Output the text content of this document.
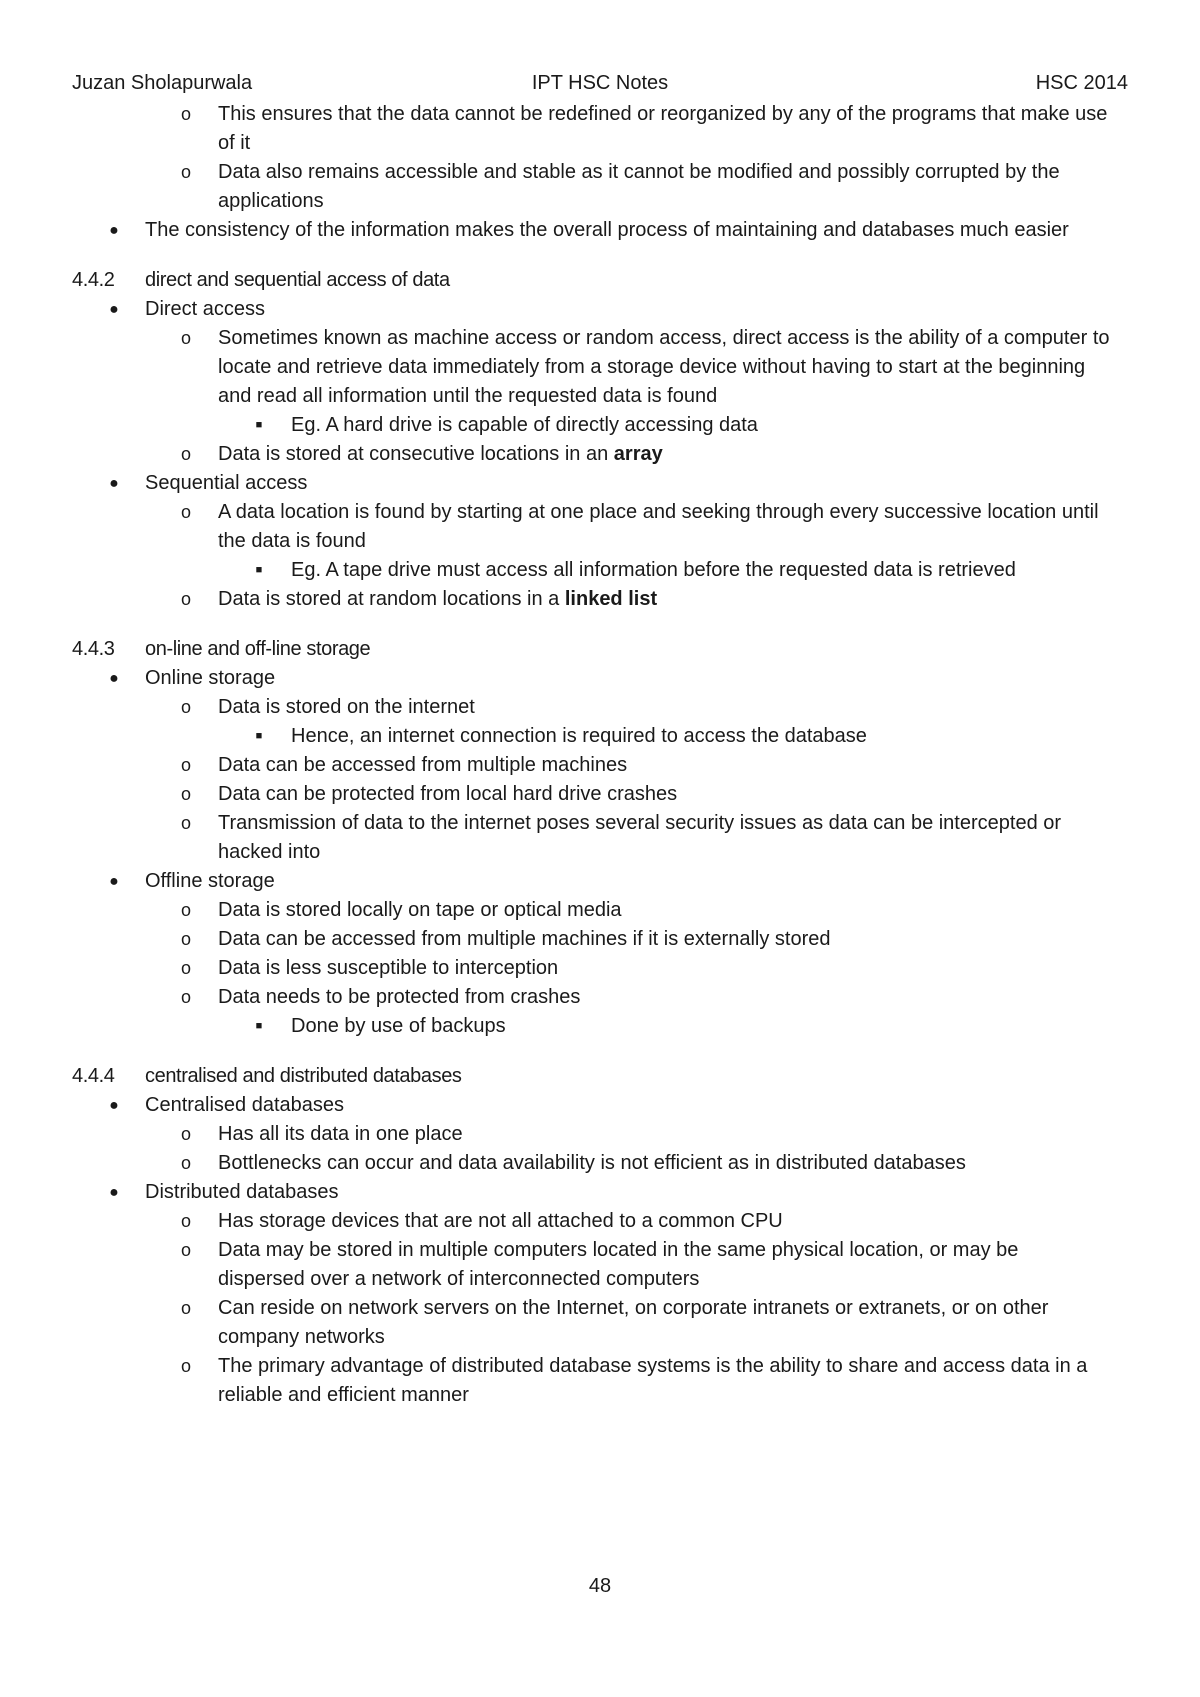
Juzan Sholapurwala	IPT HSC Notes	HSC 2014
o This ensures that the data cannot be redefined or reorganized by any of the programs that make use
of it
o Data also remains accessible and stable as it cannot be modified and possibly corrupted by the
applications
● The consistency of the information makes the overall process of maintaining and databases much easier
4.4.2 direct and sequential access of data
● Direct access
o Sometimes known as machine access or random access, direct access is the ability of a computer to
locate and retrieve data immediately from a storage device without having to start at the beginning
and read all information until the requested data is found
■	Eg. A hard drive is capable of directly accessing data
o Data is stored at consecutive locations in an array
● Sequential access
o A data location is found by starting at one place and seeking through every successive location until
the data is found
■	Eg. A tape drive must access all information before the requested data is retrieved
o Data is stored at random locations in a linked list
4.4.3 on-line and off-line storage
● Online storage
o Data is stored on the internet
■	Hence, an internet connection is required to access the database
o Data can be accessed from multiple machines
o Data can be protected from local hard drive crashes
o Transmission of data to the internet poses several security issues as data can be intercepted or
hacked into
● Offline storage
o Data is stored locally on tape or optical media
o Data can be accessed from multiple machines if it is externally stored
o Data is less susceptible to interception
o Data needs to be protected from crashes
■	Done by use of backups
4.4.4 centralised and distributed databases
● Centralised databases
o Has all its data in one place
o Bottlenecks can occur and data availability is not efficient as in distributed databases
● Distributed databases
o Has storage devices that are not all attached to a common CPU
o Data may be stored in multiple computers located in the same physical location, or may be
dispersed over a network of interconnected computers
o Can reside on network servers on the Internet, on corporate intranets or extranets, or on other
company networks
o The primary advantage of distributed database systems is the ability to share and access data in a
reliable and efficient manner
48
